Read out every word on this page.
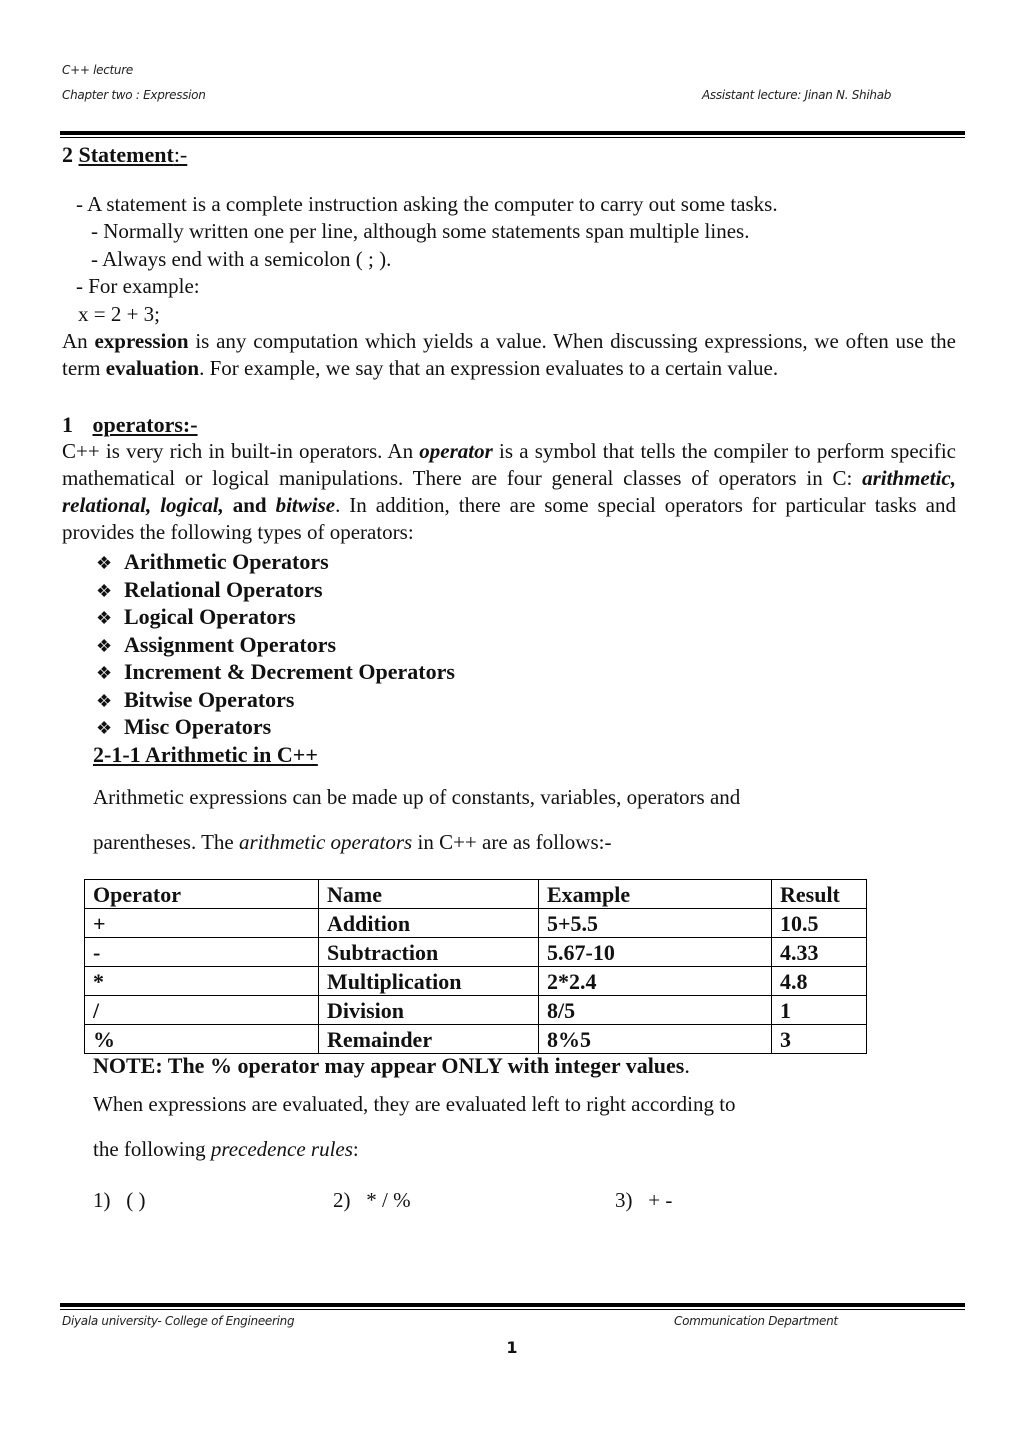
C++ lecture
Chapter two : Expression	Assistant lecture: Jinan N. Shihab
2 Statement:-
- A statement is a complete instruction asking the computer to carry out some tasks.
- Normally written one per line, although some statements span multiple lines.
- Always end with a semicolon ( ; ).
- For example:
x = 2 + 3;
An expression is any computation which yields a value. When discussing expressions, we often use the term evaluation. For example, we say that an expression evaluates to a certain value.
1 operators:-
C++ is very rich in built-in operators. An operator is a symbol that tells the compiler to perform specific mathematical or logical manipulations. There are four general classes of operators in C: arithmetic, relational, logical, and bitwise. In addition, there are some special operators for particular tasks and provides the following types of operators:
❖ Arithmetic Operators
❖ Relational Operators
❖ Logical Operators
❖ Assignment Operators
❖ Increment & Decrement Operators
❖ Bitwise Operators
❖ Misc Operators
2-1-1 Arithmetic in C++
Arithmetic expressions can be made up of constants, variables, operators and
parentheses. The arithmetic operators in C++ are as follows:-
Operator	Name	Example	Result
+	Addition	5+5.5	10.5
-	Subtraction	5.67-10	4.33
*	Multiplication	2*2.4	4.8
/	Division	8/5	1
%	Remainder	8%5	3
NOTE: The % operator may appear ONLY with integer values.
When expressions are evaluated, they are evaluated left to right according to
the following precedence rules:
1)   ( )	2)   * / %	3)   + -
Diyala university- College of Engineering	Communication Department
1
